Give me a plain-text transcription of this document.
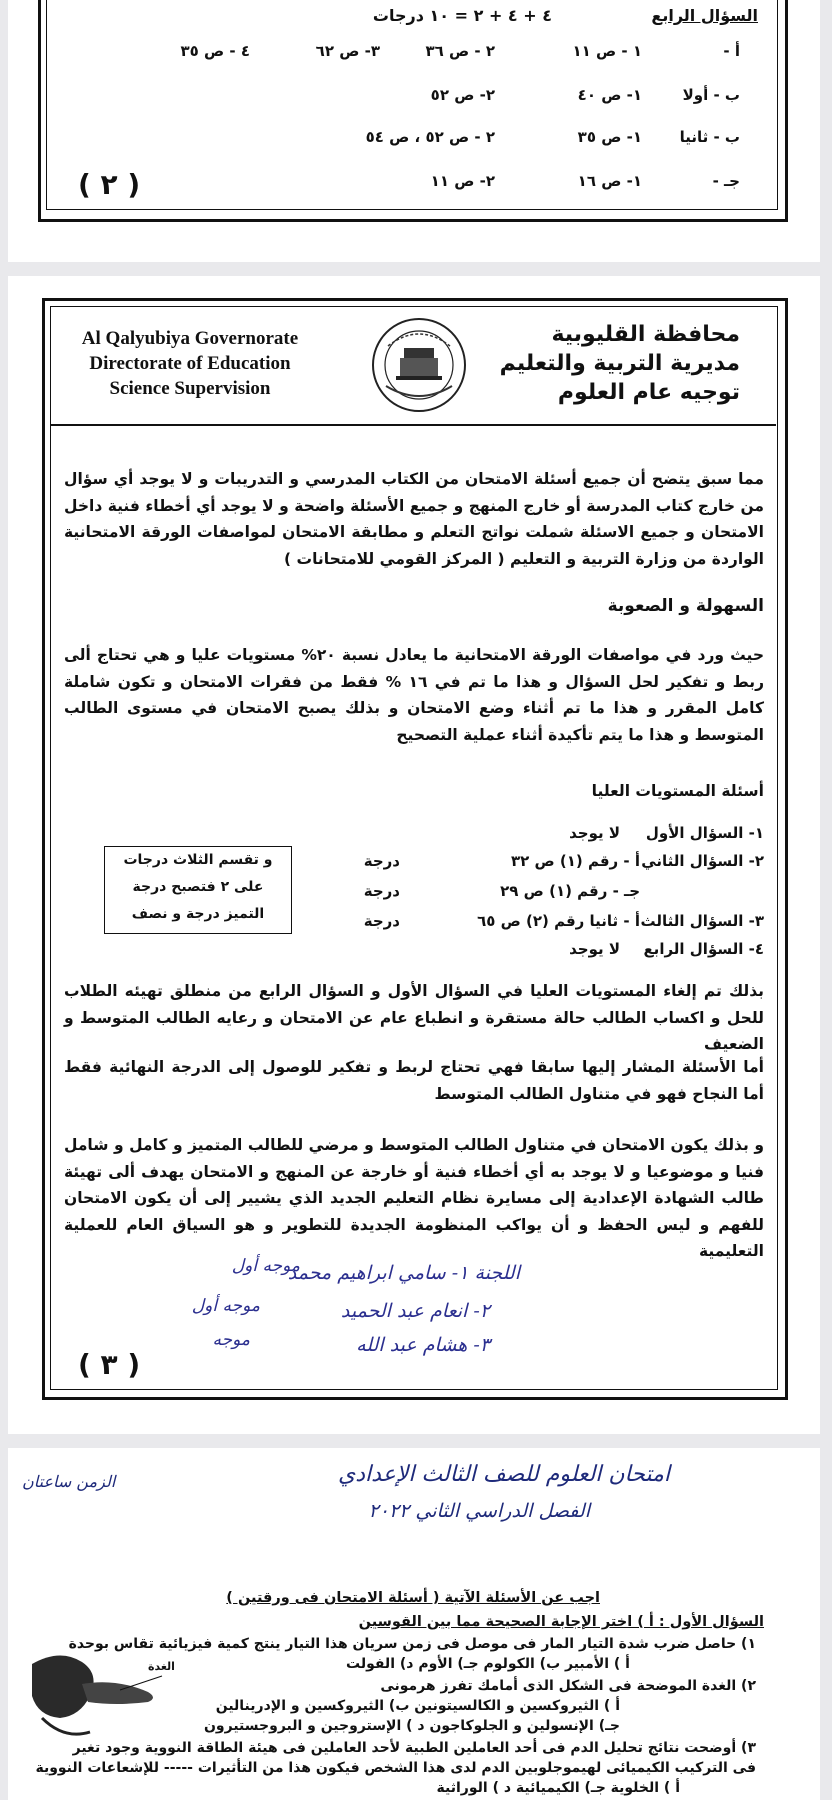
السؤال الرابع
٤ + ٤ + ٢ = ١٠ درجات
أ -
١ - ص ١١
٢ - ص ٣٦
٣- ص ٦٢
٤ - ص ٣٥
ب - أولا
١- ص ٤٠
٢- ص ٥٢
ب - ثانيا
١- ص ٣٥
٢ - ص ٥٢ ، ص ٥٤
جـ -
١- ص ١٦
٢- ص ١١
( ٢ )
Al Qalyubiya Governorate
Directorate of Education
Science Supervision
محافظة القليوبية
مديرية التربية والتعليم
توجيه عام العلوم
مما سبق يتضح أن جميع أسئلة الامتحان من الكتاب المدرسي و التدريبات و لا يوجد أي سؤال من خارج كتاب المدرسة أو خارج المنهج و جميع الأسئلة واضحة و لا يوجد أي أخطاء فنية داخل الامتحان و جميع الاسئلة شملت نواتج التعلم و مطابقة الامتحان لمواصفات الورقة الامتحانية الواردة من وزارة التربية و التعليم ( المركز القومي للامتحانات )
السهولة و الصعوبة
حيث ورد في مواصفات الورقة الامتحانية ما يعادل نسبة ٢٠% مستويات عليا و هي تحتاج ألى ربط و تفكير لحل السؤال و هذا ما تم في ١٦ % فقط من فقرات الامتحان و تكون شاملة كامل المقرر و هذا ما تم أثناء وضع الامتحان و بذلك يصبح الامتحان في مستوى الطالب المتوسط و هذا ما يتم تأكيدة أثناء عملية التصحيح
أسئلة المستويات العليا
١- السؤال الأول
لا يوجد
٢- السؤال الثاني
أ - رقم (١) ص ٣٢
درجة
جـ - رقم (١) ص ٢٩
درجة
٣- السؤال الثالث
أ - ثانيا رقم (٢) ص ٦٥
درجة
٤- السؤال الرابع
لا يوجد
و تقسم الثلاث درجات
على ٢ فتصبح درجة
التميز درجة و نصف
بذلك تم إلغاء المستويات العليا في السؤال الأول و السؤال الرابع من منطلق تهيئه الطلاب للحل و اكساب الطالب حالة مستقرة و انطباع عام عن الامتحان و رعايه الطالب المتوسط و الضعيف
أما الأسئلة المشار إليها سابقا فهي تحتاج لربط و تفكير للوصول إلى الدرجة النهائية فقط أما النجاح فهو في متناول الطالب المتوسط
و بذلك يكون الامتحان في متناول الطالب المتوسط و مرضي للطالب المتميز و كامل و شامل فنيا و موضوعيا و لا يوجد به أي أخطاء فنية أو خارجة عن المنهج و الامتحان يهدف ألى تهيئة طالب الشهادة الإعدادية إلى مسايرة نظام التعليم الجديد الذي يشيير إلى أن يكون الامتحان للفهم و ليس الحفظ و أن يواكب المنظومة الجديدة للتطوير و هو السياق العام للعملية التعليمية
اللجنة ١- سامي ابراهيم محمد
موجه أول
٢- انعام عبد الحميد
موجه أول
٣- هشام عبد الله
موجه
( ٣ )
امتحان العلوم للصف الثالث الإعدادي
الفصل الدراسي الثاني ٢٠٢٢
الزمن ساعتان
اجب عن الأسئلة الآتية ( أسئلة الامتحان فى ورقتين )
السؤال الأول : أ ) اختر الإجابة الصحيحة مما بين القوسين
١) حاصل ضرب شدة التيار المار فى موصل فى زمن سريان هذا التيار ينتج كمية فيزيائية تقاس بوحدة
أ ) الأمبير ب) الكولوم جـ) الأوم د) الفولت
٢) الغدة الموضحة فى الشكل الذى أمامك تفرز هرمونى
أ ) الثيروكسين و الكالسيتونين ب) الثيروكسين و الإدرينالين
جـ) الإنسولين و الجلوكاجون د ) الإستروجين و البروجستيرون
٣) أوضحت نتائج تحليل الدم فى أحد العاملين الطبية لأحد العاملين فى هيئة الطاقة النووية وجود تغير
فى التركيب الكيميائى لهيموجلوبين الدم لدى هذا الشخص فيكون هذا من التأثيرات ----- للإشعاعات النووية
أ ) الخلوية جـ) الكيميائية د ) الوراثية
الغدة
